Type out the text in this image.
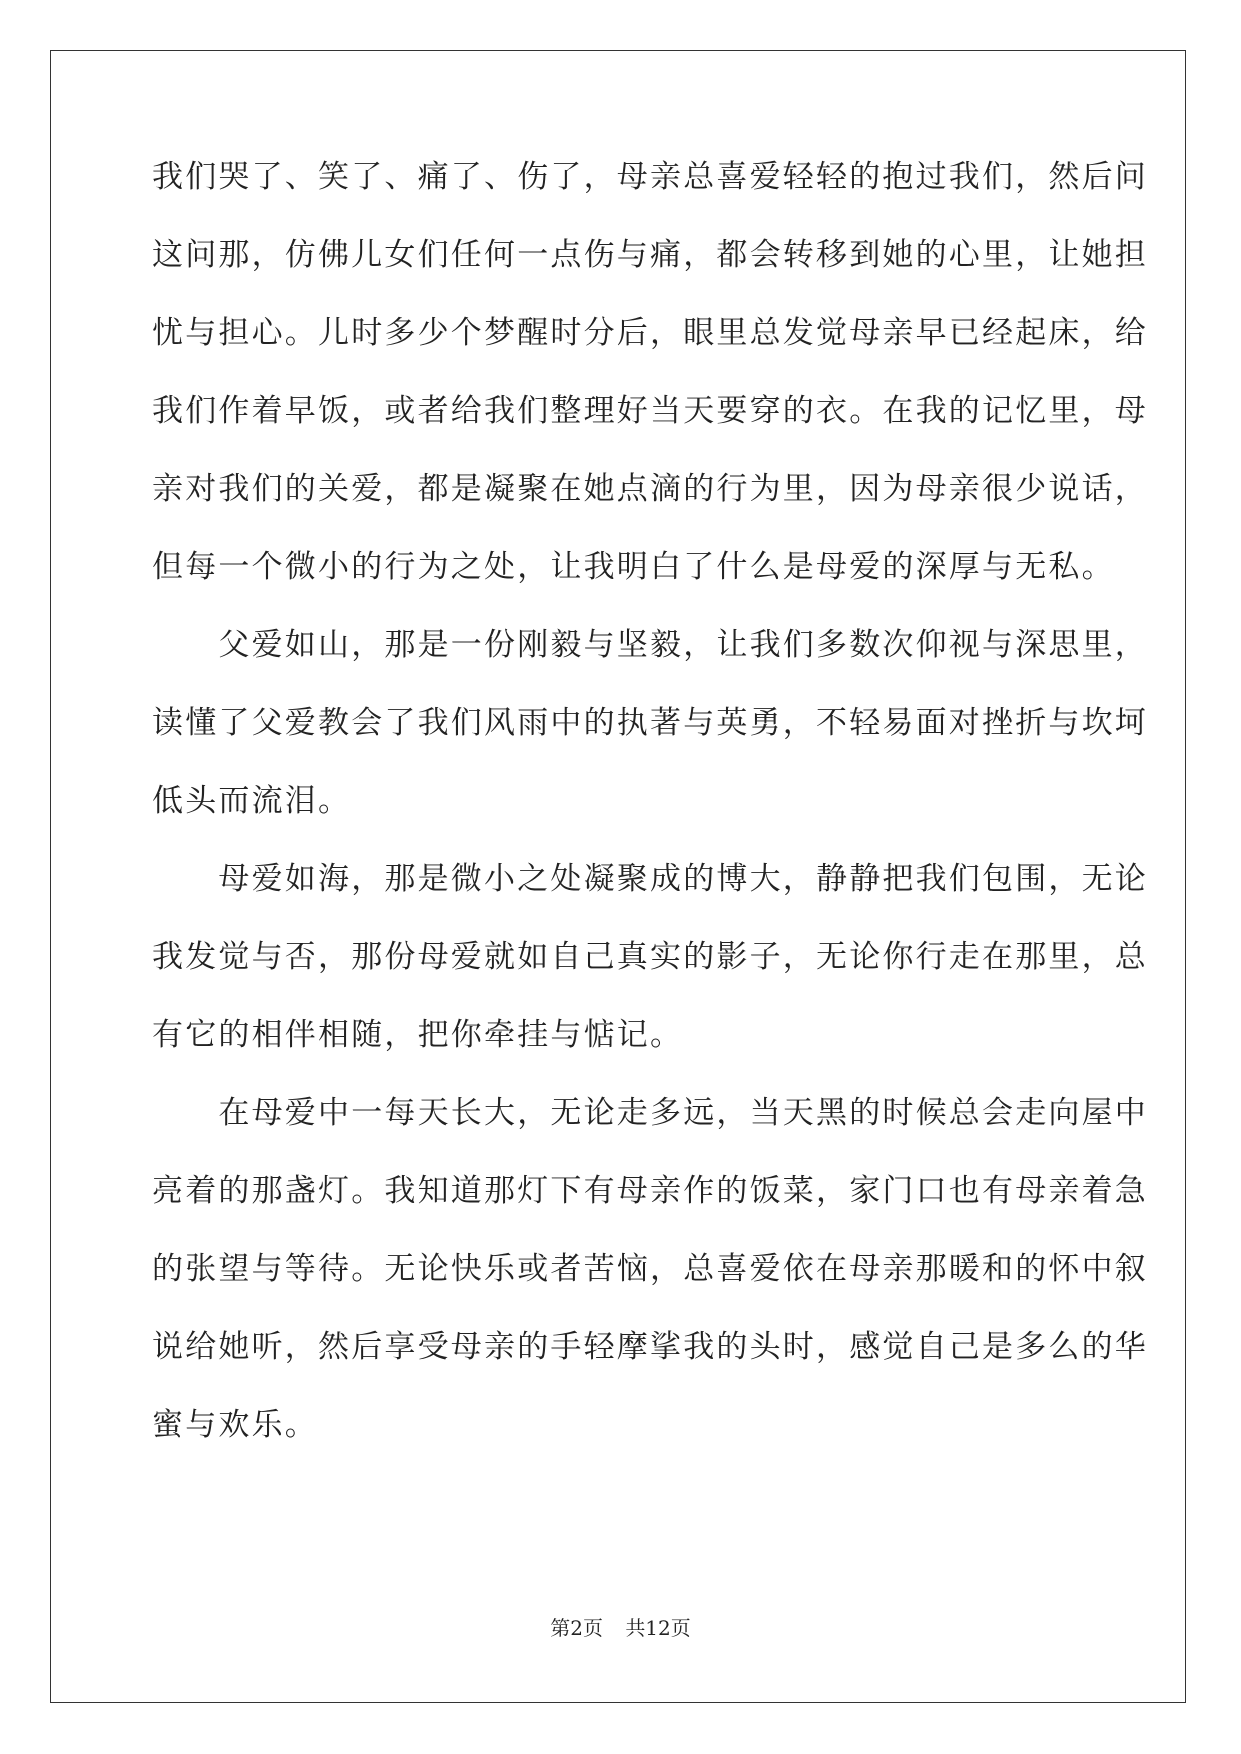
我们哭了、笑了、痛了、伤了，母亲总喜爱轻轻的抱过我们，然后问
这问那，仿佛儿女们任何一点伤与痛，都会转移到她的心里，让她担
忧与担心。儿时多少个梦醒时分后，眼里总发觉母亲早已经起床，给
我们作着早饭，或者给我们整理好当天要穿的衣。在我的记忆里，母
亲对我们的关爱，都是凝聚在她点滴的行为里，因为母亲很少说话，
但每一个微小的行为之处，让我明白了什么是母爱的深厚与无私。
　　父爱如山，那是一份刚毅与坚毅，让我们多数次仰视与深思里，
读懂了父爱教会了我们风雨中的执著与英勇，不轻易面对挫折与坎坷
低头而流泪。
　　母爱如海，那是微小之处凝聚成的博大，静静把我们包围，无论
我发觉与否，那份母爱就如自己真实的影子，无论你行走在那里，总
有它的相伴相随，把你牵挂与惦记。
　　在母爱中一每天长大，无论走多远，当天黑的时候总会走向屋中
亮着的那盏灯。我知道那灯下有母亲作的饭菜，家门口也有母亲着急
的张望与等待。无论快乐或者苦恼，总喜爱依在母亲那暖和的怀中叙
说给她听，然后享受母亲的手轻摩挲我的头时，感觉自己是多么的华
蜜与欢乐。
第2页 共12页
